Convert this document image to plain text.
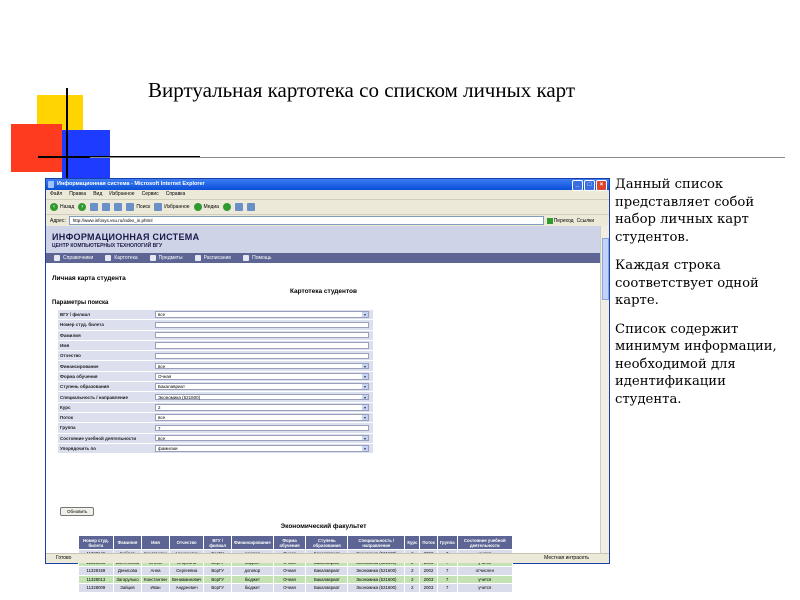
Виртуальная картотека со списком личных карт

Данный список представляет собой набор личных карт студентов.

Каждая строка соответствует одной карте.

Список содержит минимум информации, необходимой для идентификации студента.

Информационная система - Microsoft Internet Explorer	_	□	×
Файл Правка Вид Избранное Сервис Справка
‹	Назад	›	Поиск	Избранное	Медиа
Адрес:	http://www.infosys.vsu.ru/index_in.phtml	Переход Ссылки
ИНФОРМАЦИОННАЯ СИСТЕМА
ЦЕНТР КОМПЬЮТЕРНЫХ ТЕХНОЛОГИЙ ВГУ
Справочники	Картотека	Предметы	Расписание	Помощь
Личная карта студента
Картотека студентов
Параметры поиска
ВГУ / филиал	все	▾
Номер студ. билета
Фамилия
Имя
Отчество
Финансирование	все	▾
Форма обучения	Очная	▾
Ступень образования	Бакалавриат	▾
Специальность / направление	Экономика (521600)	▾
Курс	2	▾
Поток	все	▾
Группа	7
Состояние учебной деятельности	все	▾
Упорядочить по	фамилии	▾
Обновить
Экономический факультет
Номер студ. билета	Фамилия	Имя	Отчество	ВГУ / филиал	Финансирование	Форма обучения	Ступень образования	Специальность / направление	Курс	Поток	Группа	Состояние учебной деятельности

11328159	Денисова	Анна	Сергеевна	ВорГУ	договор	Очная	Бакалавриат	Экономика (521600)	2	2002	7	отчислен
11328013	Загорулько	Константин	Вениаминович	ВорГУ	бюджет	Очная	Бакалавриат	Экономика (521600)	2	2003	7	учится
11328009	Зайцев	Иван	Андреевич	ВорГУ	бюджет	Очная	Бакалавриат	Экономика (521600)	2	2003	7	учится
Готово	Местная интрасеть
